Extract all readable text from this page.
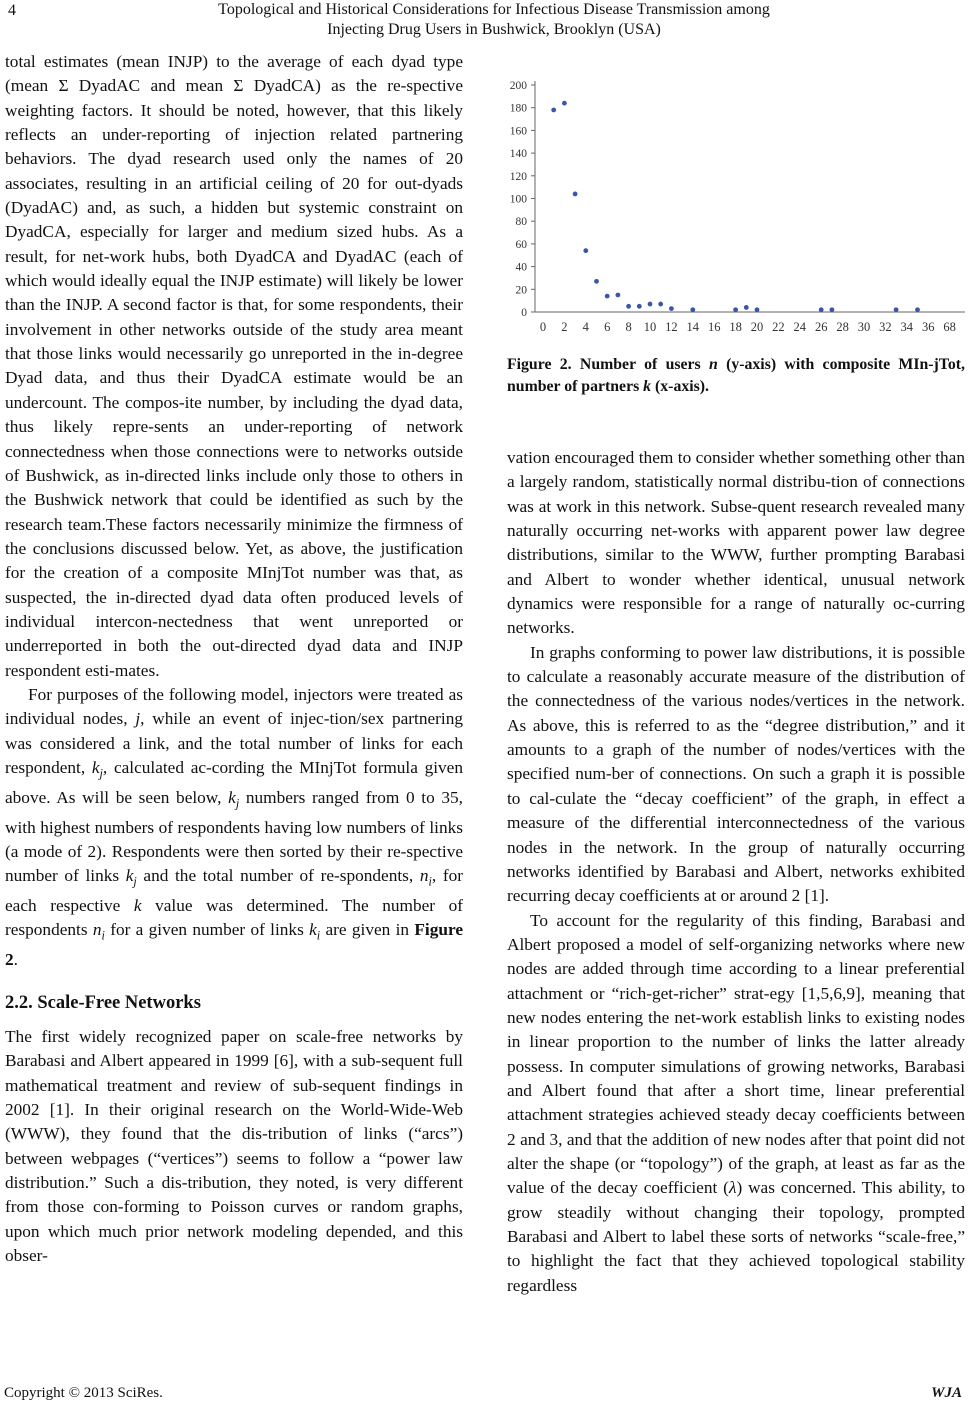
4	Topological and Historical Considerations for Infectious Disease Transmission among
Injecting Drug Users in Bushwick, Brooklyn (USA)

total estimates (mean INJP) to the average of each dyad type (mean Σ DyadAC and mean Σ DyadCA) as the re-spective weighting factors. It should be noted, however, that this likely reflects an under-reporting of injection related partnering behaviors. The dyad research used only the names of 20 associates, resulting in an artificial ceiling of 20 for out-dyads (DyadAC) and, as such, a hidden but systemic constraint on DyadCA, especially for larger and medium sized hubs. As a result, for net-work hubs, both DyadCA and DyadAC (each of which would ideally equal the INJP estimate) will likely be lower than the INJP. A second factor is that, for some respondents, their involvement in other networks outside of the study area meant that those links would necessarily go unreported in the in-degree Dyad data, and thus their DyadCA estimate would be an undercount. The compos-ite number, by including the dyad data, thus likely repre-sents an under-reporting of network connectedness when those connections were to networks outside of Bushwick, as in-directed links include only those to others in the Bushwick network that could be identified as such by the research team.These factors necessarily minimize the firmness of the conclusions discussed below. Yet, as above, the justification for the creation of a composite MInjTot number was that, as suspected, the in-directed dyad data often produced levels of individual intercon-nectedness that went unreported or underreported in both the out-directed dyad data and INJP respondent esti-mates.

For purposes of the following model, injectors were treated as individual nodes, j, while an event of injec-tion/sex partnering was considered a link, and the total number of links for each respondent, $k_j$, calculated ac-cording the MInjTot formula given above. As will be seen below, $k_j$ numbers ranged from 0 to 35, with highest numbers of respondents having low numbers of links (a mode of 2). Respondents were then sorted by their re-spective number of links $k_j$ and the total number of re-spondents, $n_i$, for each respective k value was determined. The number of respondents $n_i$ for a given number of links $k_i$ are given in Figure 2.

2.2. Scale-Free Networks

The first widely recognized paper on scale-free networks by Barabasi and Albert appeared in 1999 [6], with a sub-sequent full mathematical treatment and review of sub-sequent findings in 2002 [1]. In their original research on the World-Wide-Web (WWW), they found that the dis-tribution of links (“arcs”) between webpages (“vertices”) seems to follow a “power law distribution.” Such a dis-tribution, they noted, is very different from those con-forming to Poisson curves or random graphs, upon which much prior network modeling depended, and this obser-

0
20
40
60
80
100
120
140
160
180
200
0 2 4 6 8 10 12 14 16 18 20 22 24 26 28 30 32 34 36 68
Figure 2. Number of users n (y-axis) with composite MIn-jTot, number of partners k (x-axis).

vation encouraged them to consider whether something other than a largely random, statistically normal distribu-tion of connections was at work in this network. Subse-quent research revealed many naturally occurring net-works with apparent power law degree distributions, similar to the WWW, further prompting Barabasi and Albert to wonder whether identical, unusual network dynamics were responsible for a range of naturally oc-curring networks.

In graphs conforming to power law distributions, it is possible to calculate a reasonably accurate measure of the distribution of the connectedness of the various nodes/vertices in the network. As above, this is referred to as the “degree distribution,” and it amounts to a graph of the number of nodes/vertices with the specified num-ber of connections. On such a graph it is possible to cal-culate the “decay coefficient” of the graph, in effect a measure of the differential interconnectedness of the various nodes in the network. In the group of naturally occurring networks identified by Barabasi and Albert, networks exhibited recurring decay coefficients at or around 2 [1].

To account for the regularity of this finding, Barabasi and Albert proposed a model of self-organizing networks where new nodes are added through time according to a linear preferential attachment or “rich-get-richer” strat-egy [1,5,6,9], meaning that new nodes entering the net-work establish links to existing nodes in linear proportion to the number of links the latter already possess. In computer simulations of growing networks, Barabasi and Albert found that after a short time, linear preferential attachment strategies achieved steady decay coefficients between 2 and 3, and that the addition of new nodes after that point did not alter the shape (or “topology”) of the graph, at least as far as the value of the decay coefficient (λ) was concerned. This ability, to grow steadily without changing their topology, prompted Barabasi and Albert to label these sorts of networks “scale-free,” to highlight the fact that they achieved topological stability regardless

Copyright © 2013 SciRes.	WJA
